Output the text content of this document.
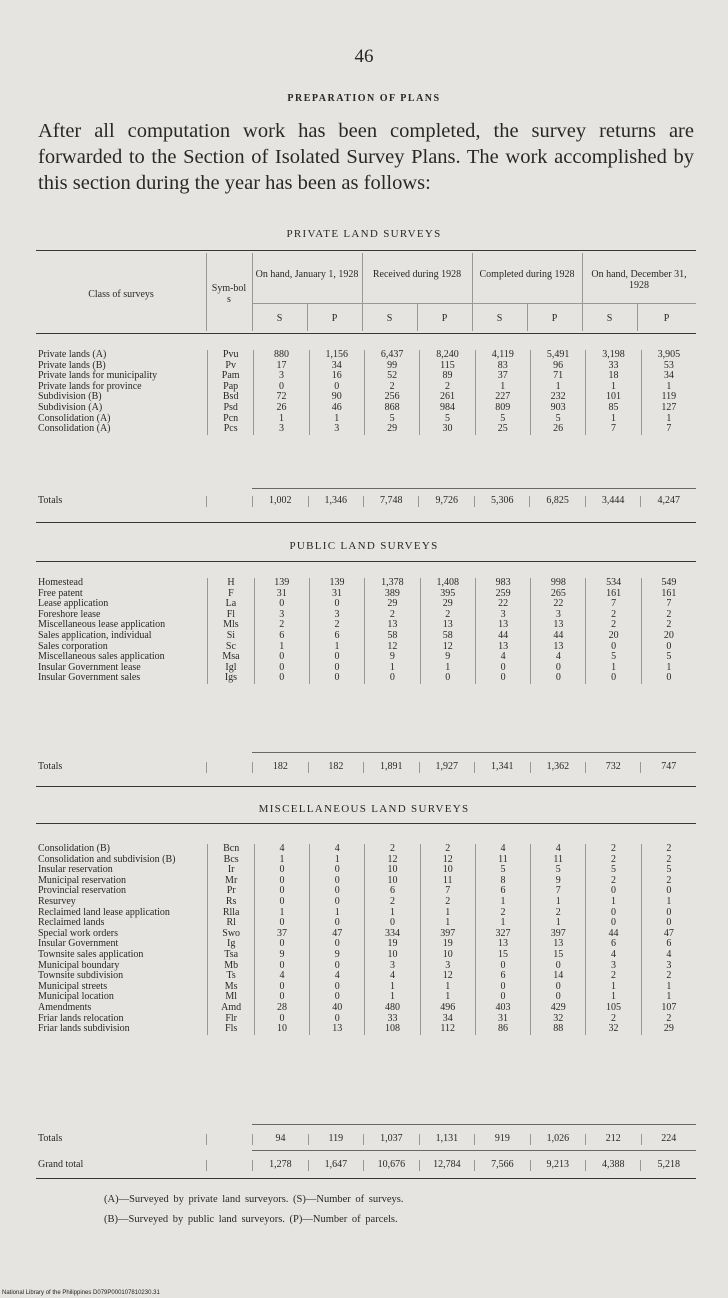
46
PREPARATION OF PLANS
After all computation work has been completed, the survey returns are forwarded to the Section of Isolated Survey Plans. The work accomplished by this section during the year has been as follows:
PRIVATE LAND SURVEYS
Class of surveys
Sym-bols
On hand, January 1, 1928	Received during 1928	Completed during 1928	On hand, December 31, 1928
S	P	S	P	S	P	S	P
Private lands (A)	Pvu	880	1,156	6,437	8,240	4,119	5,491	3,198	3,905
Private lands (B)	Pv	17	34	99	115	83	96	33	53
Private lands for municipality	Pam	3	16	52	89	37	71	18	34
Private lands for province	Pap	0	0	2	2	1	1	1	1
Subdivision (B)	Bsd	72	90	256	261	227	232	101	119
Subdivision (A)	Psd	26	46	868	984	809	903	85	127
Consolidation (A)	Pcn	1	1	5	5	5	5	1	1
Consolidation (A)	Pcs	3	3	29	30	25	26	7	7
Totals		1,002	1,346	7,748	9,726	5,306	6,825	3,444	4,247
PUBLIC LAND SURVEYS
Homestead	H	139	139	1,378	1,408	983	998	534	549
Free patent	F	31	31	389	395	259	265	161	161
Lease application	La	0	0	29	29	22	22	7	7
Foreshore lease	Fl	3	3	2	2	3	3	2	2
Miscellaneous lease application	Mls	2	2	13	13	13	13	2	2
Sales application, individual	Si	6	6	58	58	44	44	20	20
Sales corporation	Sc	1	1	12	12	13	13	0	0
Miscellaneous sales application	Msa	0	0	9	9	4	4	5	5
Insular Government lease	Igl	0	0	1	1	0	0	1	1
Insular Government sales	Igs	0	0	0	0	0	0	0	0
Totals		182	182	1,891	1,927	1,341	1,362	732	747
MISCELLANEOUS LAND SURVEYS
Consolidation (B)	Bcn	4	4	2	2	4	4	2	2
Consolidation and subdivision (B)	Bcs	1	1	12	12	11	11	2	2
Insular reservation	Ir	0	0	10	10	5	5	5	5
Municipal reservation	Mr	0	0	10	11	8	9	2	2
Provincial reservation	Pr	0	0	6	7	6	7	0	0
Resurvey	Rs	0	0	2	2	1	1	1	1
Reclaimed land lease application	Rlla	1	1	1	1	2	2	0	0
Reclaimed lands	Rl	0	0	0	1	1	1	0	0
Special work orders	Swo	37	47	334	397	327	397	44	47
Insular Government	Ig	0	0	19	19	13	13	6	6
Townsite sales application	Tsa	9	9	10	10	15	15	4	4
Municipal boundary	Mb	0	0	3	3	0	0	3	3
Townsite subdivision	Ts	4	4	4	12	6	14	2	2
Municipal streets	Ms	0	0	1	1	0	0	1	1
Municipal location	Ml	0	0	1	1	0	0	1	1
Amendments	Amd	28	40	480	496	403	429	105	107
Friar lands relocation	Flr	0	0	33	34	31	32	2	2
Friar lands subdivision	Fls	10	13	108	112	86	88	32	29
Totals		94	119	1,037	1,131	919	1,026	212	224
Grand total		1,278	1,647	10,676	12,784	7,566	9,213	4,388	5,218
(A)—Surveyed by private land surveyors. (S)—Number of surveys.
(B)—Surveyed by public land surveyors. (P)—Number of parcels.
National Library of the Philippines D079P000107810230.31
